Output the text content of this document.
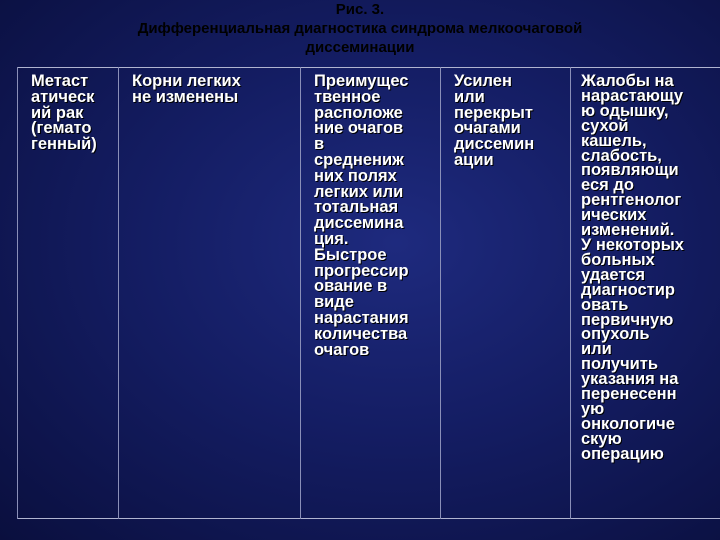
Рис. 3.
Дифференциальная диагностика синдрома мелкоочаговой
диссеминации
Метаст
атическ
ий рак
(гемато
генный)

Корни легких
не изменены

Преимущес
твенное
расположе
ние очагов
в
среднениж
них полях
легких или
тотальная
диссемина
ция.
Быстрое
прогрессир
ование в
виде
нарастания
количества
очагов

Усилен
или
перекрыт
очагами
диссемин
ации

Жалобы на
нарастающу
ю одышку,
сухой
кашель,
слабость,
появляющи
еся до
рентгенолог
ических
изменений.
У некоторых
больных
удается
диагностир
овать
первичную
опухоль
или
получить
указания на
перенесенн
ую
онкологиче
скую
операцию
